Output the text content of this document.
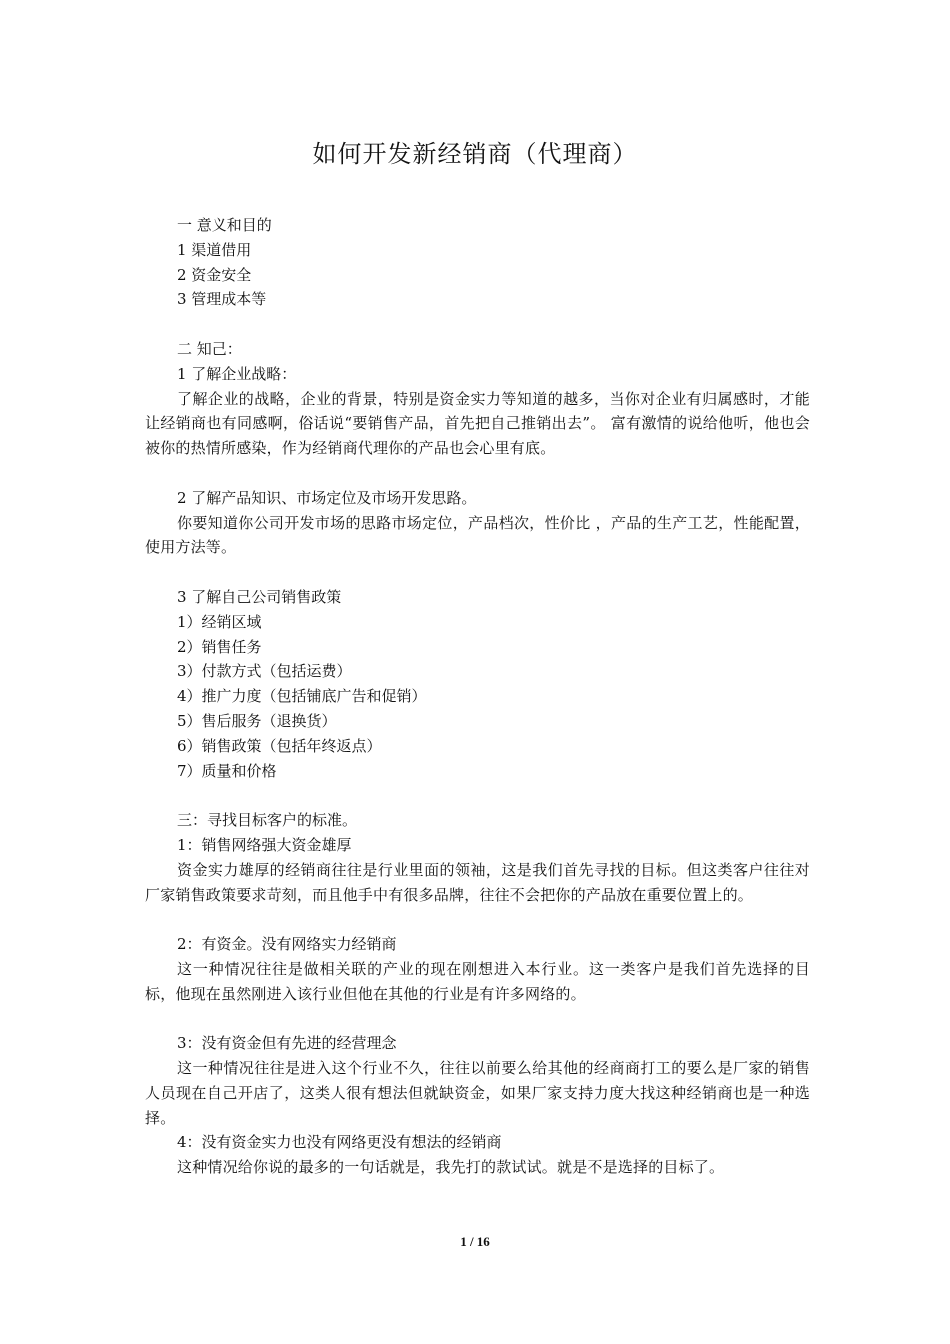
如何开发新经销商（代理商）
一 意义和目的
1 渠道借用
2 资金安全
3 管理成本等
二 知己：
1 了解企业战略：
了解企业的战略，企业的背景，特别是资金实力等知道的越多，当你对企业有归属感时，才能让经销商也有同感啊，俗话说“要销售产品，首先把自己推销出去”。 富有激情的说给他听，他也会被你的热情所感染，作为经销商代理你的产品也会心里有底。
2 了解产品知识、市场定位及市场开发思路。
你要知道你公司开发市场的思路市场定位，产品档次，性价比 ，产品的生产工艺，性能配置，使用方法等。
3 了解自己公司销售政策
1）经销区域
2）销售任务
3）付款方式（包括运费）
4）推广力度（包括铺底广告和促销）
5）售后服务（退换货）
6）销售政策（包括年终返点）
7）质量和价格
三：寻找目标客户的标准。
1：销售网络强大资金雄厚
资金实力雄厚的经销商往往是行业里面的领袖，这是我们首先寻找的目标。但这类客户往往对厂家销售政策要求苛刻，而且他手中有很多品牌，往往不会把你的产品放在重要位置上的。
2：有资金。没有网络实力经销商
这一种情况往往是做相关联的产业的现在刚想进入本行业。这一类客户是我们首先选择的目标，他现在虽然刚进入该行业但他在其他的行业是有许多网络的。
3：没有资金但有先进的经营理念
这一种情况往往是进入这个行业不久，往往以前要么给其他的经商商打工的要么是厂家的销售人员现在自己开店了，这类人很有想法但就缺资金，如果厂家支持力度大找这种经销商也是一种选择。
4：没有资金实力也没有网络更没有想法的经销商
这种情况给你说的最多的一句话就是，我先打的款试试。就是不是选择的目标了。
1 / 16
